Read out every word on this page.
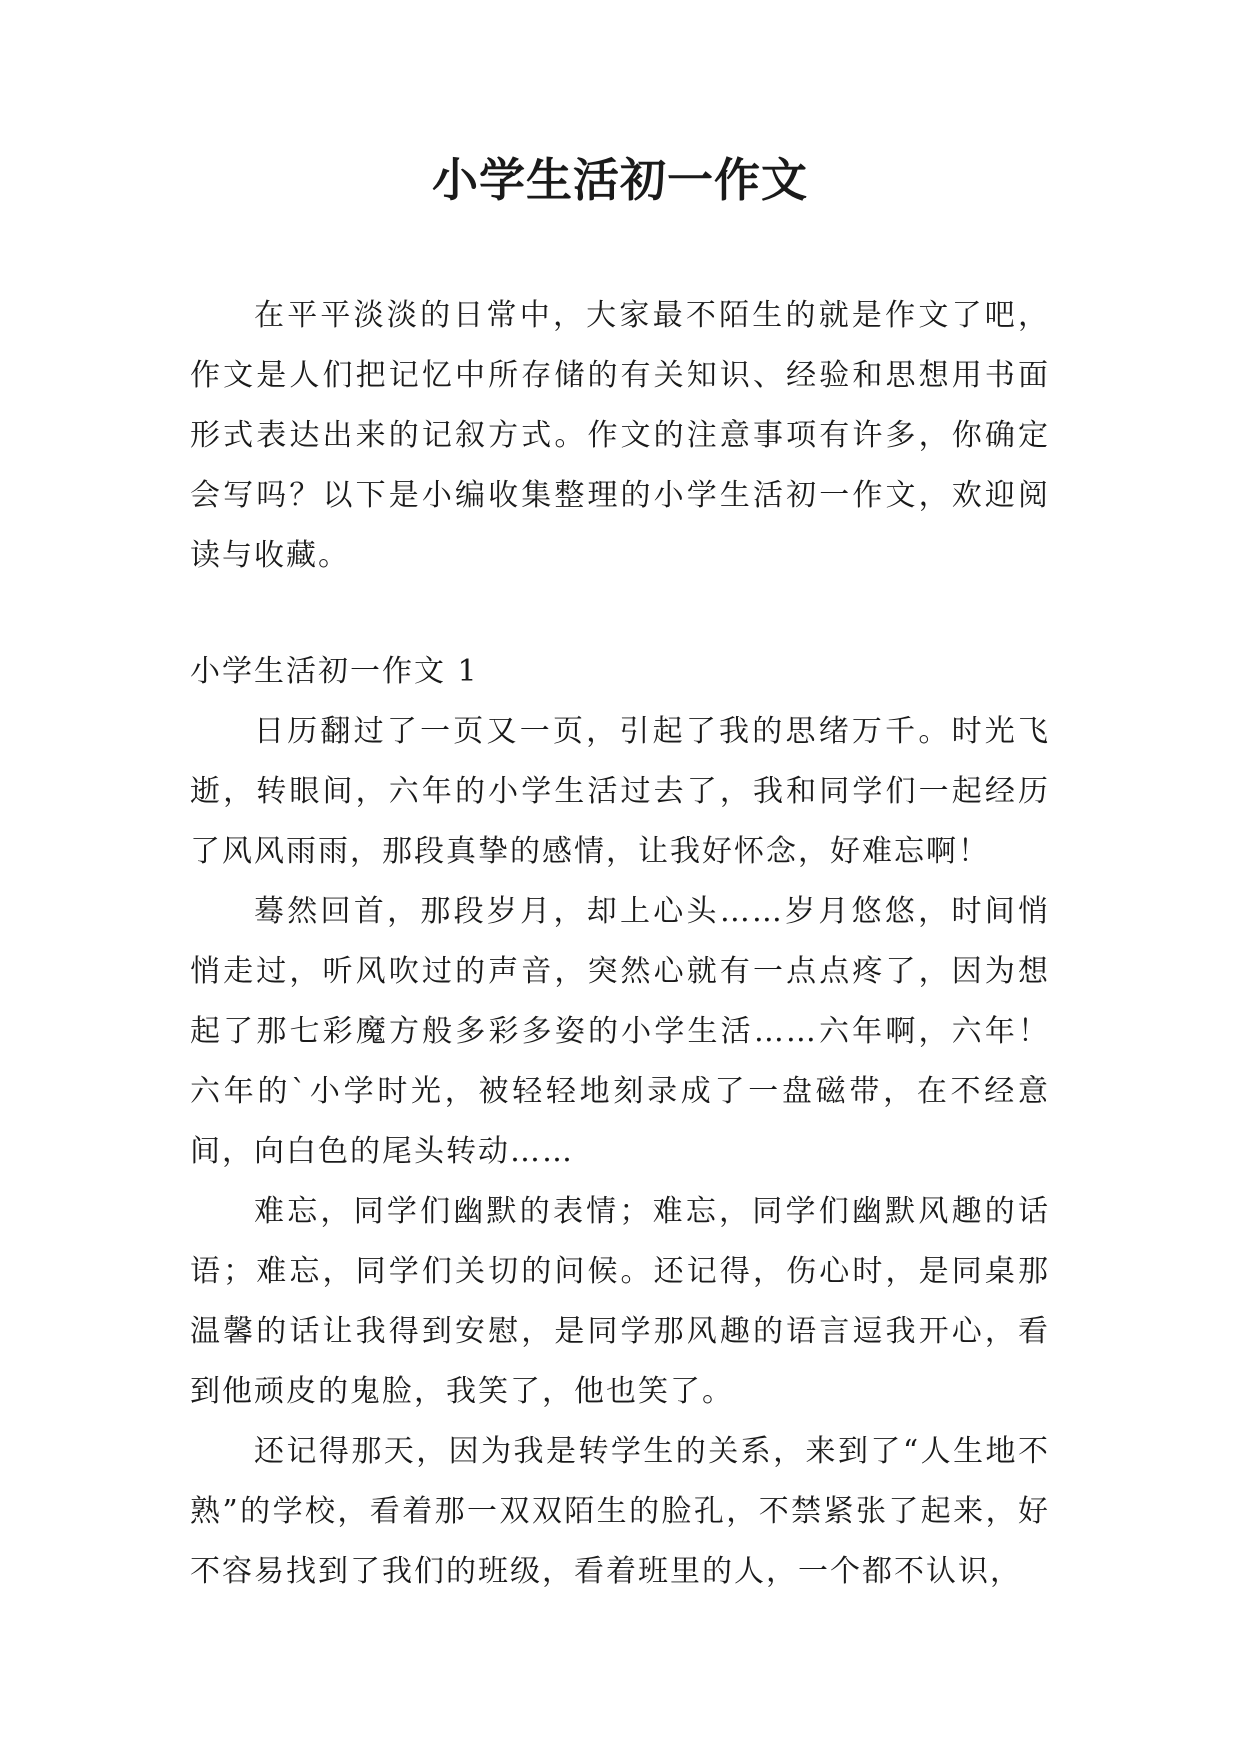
小学生活初一作文

在平平淡淡的日常中，大家最不陌生的就是作文了吧，作文是人们把记忆中所存储的有关知识、经验和思想用书面形式表达出来的记叙方式。作文的注意事项有许多，你确定会写吗？以下是小编收集整理的小学生活初一作文，欢迎阅读与收藏。

小学生活初一作文 1

日历翻过了一页又一页，引起了我的思绪万千。时光飞逝，转眼间，六年的小学生活过去了，我和同学们一起经历了风风雨雨，那段真挚的感情，让我好怀念，好难忘啊！

蓦然回首，那段岁月，却上心头……岁月悠悠，时间悄悄走过，听风吹过的声音，突然心就有一点点疼了，因为想起了那七彩魔方般多彩多姿的小学生活……六年啊，六年！六年的`小学时光，被轻轻地刻录成了一盘磁带，在不经意间，向白色的尾头转动……

难忘，同学们幽默的表情；难忘，同学们幽默风趣的话语；难忘，同学们关切的问候。还记得，伤心时，是同桌那温馨的话让我得到安慰，是同学那风趣的语言逗我开心，看到他顽皮的鬼脸，我笑了，他也笑了。

还记得那天，因为我是转学生的关系，来到了“人生地不熟”的学校，看着那一双双陌生的脸孔，不禁紧张了起来，好不容易找到了我们的班级，看着班里的人，一个都不认识，
